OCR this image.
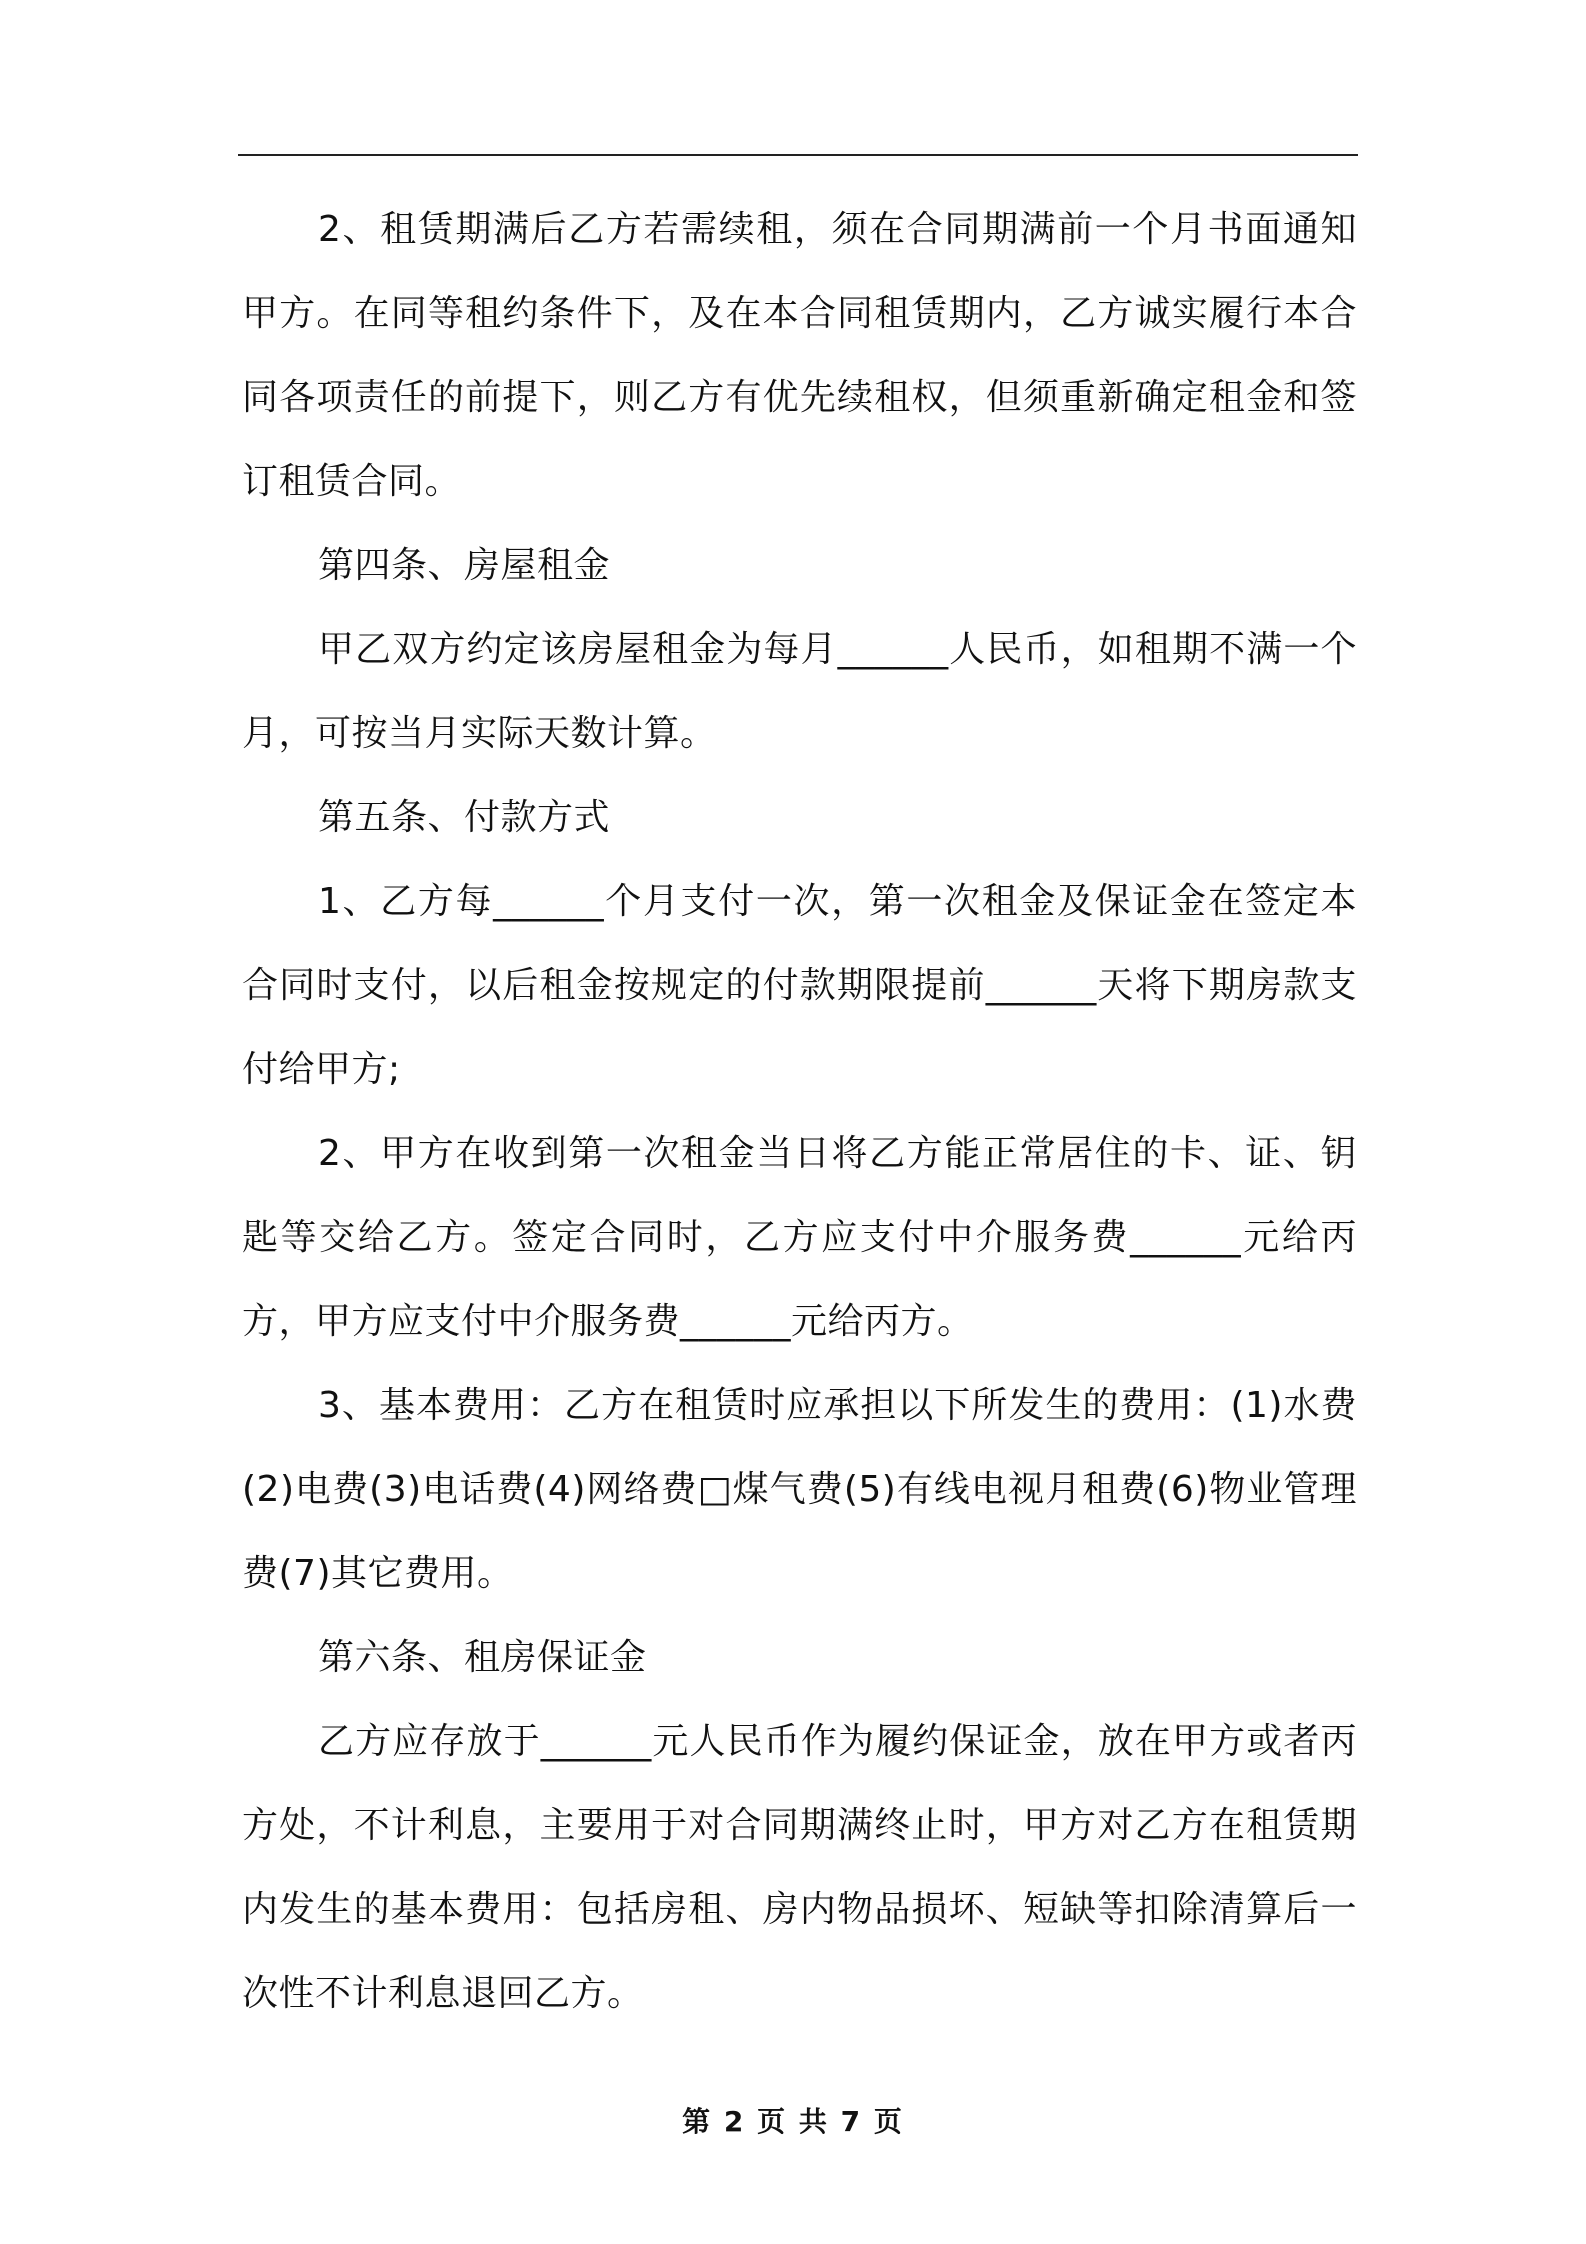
2、租赁期满后乙方若需续租，须在合同期满前一个月书面通知甲方。在同等租约条件下，及在本合同租赁期内，乙方诚实履行本合同各项责任的前提下，则乙方有优先续租权，但须重新确定租金和签订租赁合同。

第四条、房屋租金

甲乙双方约定该房屋租金为每月______人民币，如租期不满一个月，可按当月实际天数计算。

第五条、付款方式

1、乙方每______个月支付一次，第一次租金及保证金在签定本合同时支付，以后租金按规定的付款期限提前______天将下期房款支付给甲方;

2、甲方在收到第一次租金当日将乙方能正常居住的卡、证、钥匙等交给乙方。签定合同时，乙方应支付中介服务费______元给丙方，甲方应支付中介服务费______元给丙方。

3、基本费用：乙方在租赁时应承担以下所发生的费用：(1)水费(2)电费(3)电话费(4)网络费□煤气费(5)有线电视月租费(6)物业管理费(7)其它费用。

第六条、租房保证金

乙方应存放于______元人民币作为履约保证金，放在甲方或者丙方处，不计利息，主要用于对合同期满终止时，甲方对乙方在租赁期内发生的基本费用：包括房租、房内物品损坏、短缺等扣除清算后一次性不计利息退回乙方。

第 2 页 共 7 页
